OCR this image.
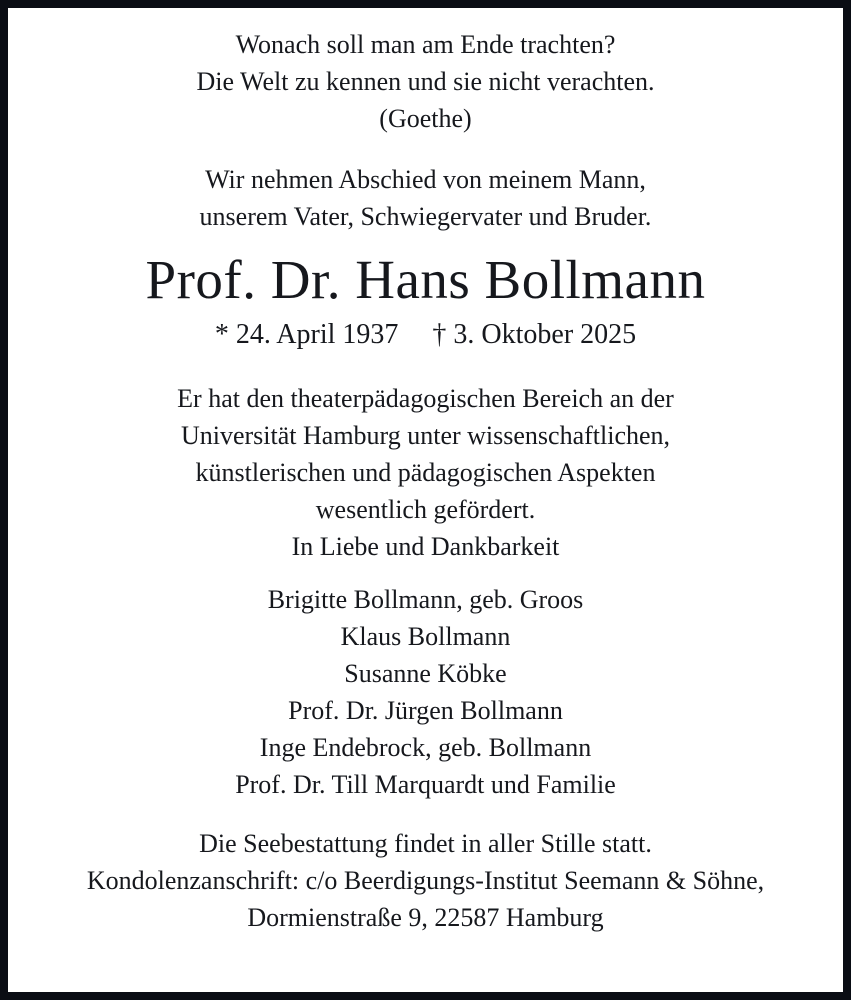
Wonach soll man am Ende trachten?

Die Welt zu kennen und sie nicht verachten.

(Goethe)

Wir nehmen Abschied von meinem Mann,

unserem Vater, Schwiegervater und Bruder.

Prof. Dr. Hans Bollmann
* 24. April 1937 † 3. Oktober 2025

Er hat den theaterpädagogischen Bereich an der

Universität Hamburg unter wissenschaftlichen,

künstlerischen und pädagogischen Aspekten

wesentlich gefördert.

In Liebe und Dankbarkeit

Brigitte Bollmann, geb. Groos

Klaus Bollmann

Susanne Köbke

Prof. Dr. Jürgen Bollmann

Inge Endebrock, geb. Bollmann

Prof. Dr. Till Marquardt und Familie

Die Seebestattung findet in aller Stille statt.

Kondolenzanschrift: c/o Beerdigungs-Institut Seemann & Söhne,

Dormienstraße 9, 22587 Hamburg
